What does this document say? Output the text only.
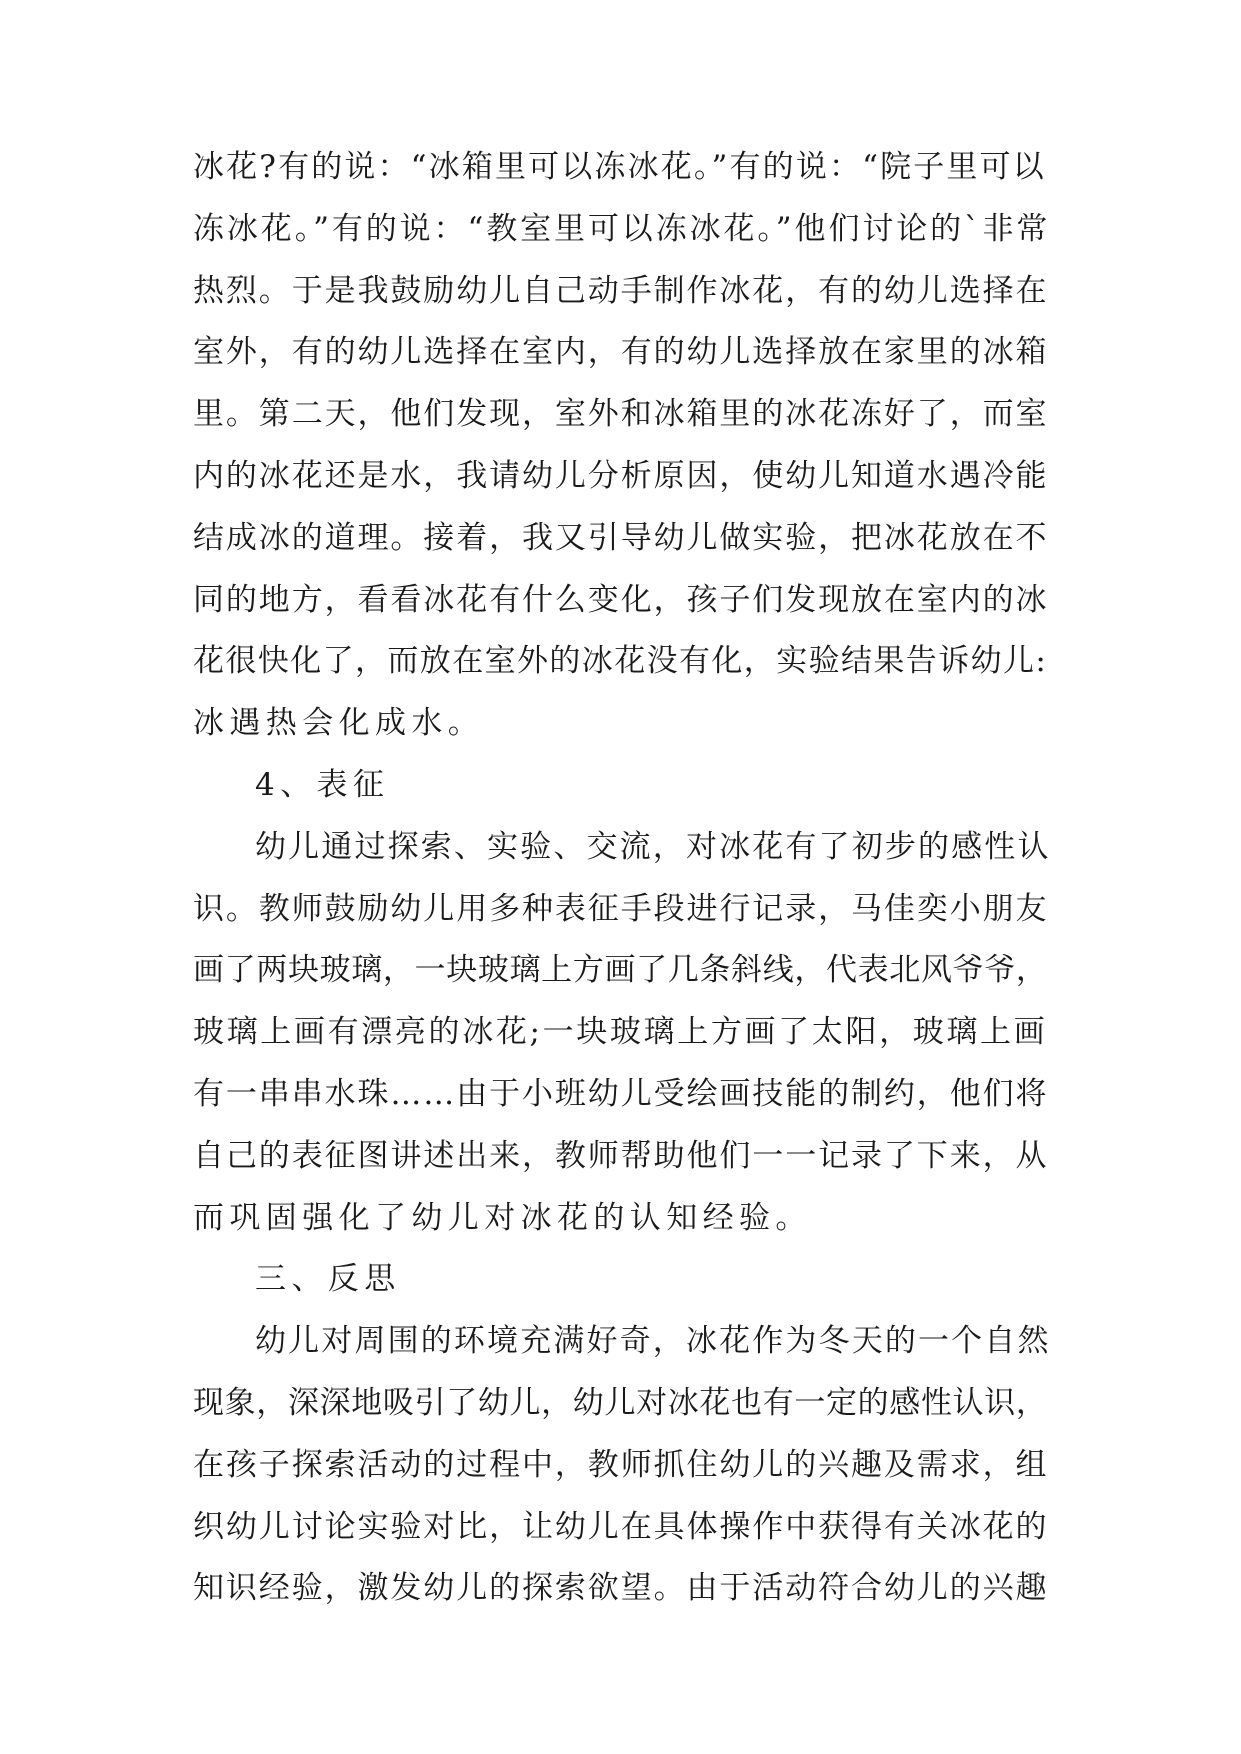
冰花?有的说：“冰箱里可以冻冰花。”有的说：“院子里可以
冻冰花。”有的说：“教室里可以冻冰花。”他们讨论的`非常
热烈。于是我鼓励幼儿自己动手制作冰花，有的幼儿选择在
室外，有的幼儿选择在室内，有的幼儿选择放在家里的冰箱
里。第二天，他们发现，室外和冰箱里的冰花冻好了，而室
内的冰花还是水，我请幼儿分析原因，使幼儿知道水遇冷能
结成冰的道理。接着，我又引导幼儿做实验，把冰花放在不
同的地方，看看冰花有什么变化，孩子们发现放在室内的冰
花很快化了，而放在室外的冰花没有化，实验结果告诉幼儿:
冰遇热会化成水。
4、表征
幼儿通过探索、实验、交流，对冰花有了初步的感性认
识。教师鼓励幼儿用多种表征手段进行记录，马佳奕小朋友
画了两块玻璃，一块玻璃上方画了几条斜线，代表北风爷爷，
玻璃上画有漂亮的冰花;一块玻璃上方画了太阳，玻璃上画
有一串串水珠……由于小班幼儿受绘画技能的制约，他们将
自己的表征图讲述出来，教师帮助他们一一记录了下来，从
而巩固强化了幼儿对冰花的认知经验。
三、反思
幼儿对周围的环境充满好奇，冰花作为冬天的一个自然
现象，深深地吸引了幼儿，幼儿对冰花也有一定的感性认识，
在孩子探索活动的过程中，教师抓住幼儿的兴趣及需求，组
织幼儿讨论实验对比，让幼儿在具体操作中获得有关冰花的
知识经验，激发幼儿的探索欲望。由于活动符合幼儿的兴趣
